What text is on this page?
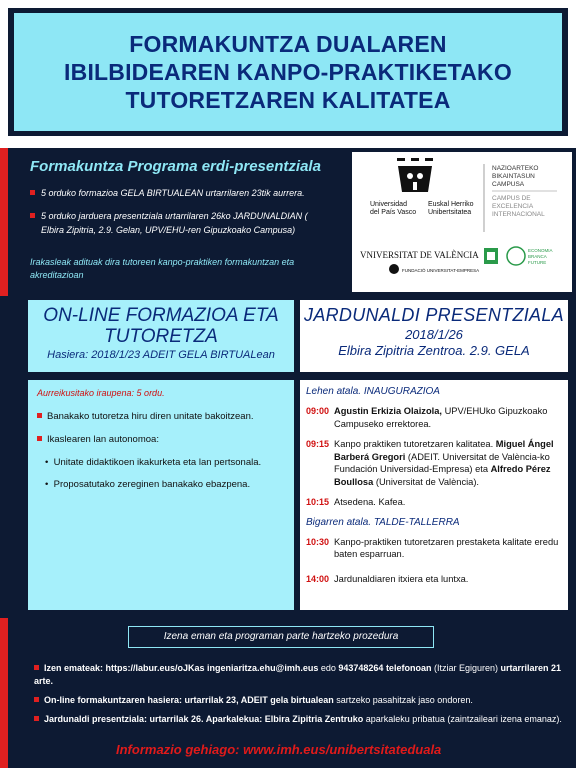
FORMAKUNTZA DUALAREN
IBILBIDEAREN KANPO-PRAKTIKETAKO
TUTORETZAREN KALITATEA
Formakuntza Programa erdi-presentziala
5 orduko formazioa GELA BIRTUALEAN urtarrilaren 23tik aurrera.
5 orduko jarduera presentziala urtarrilaren 26ko JARDUNALDIAN (
Elbira Zipitria, 2.9. Gelan, UPV/EHU-ren Gipuzkoako Campusa)
Irakasleak adituak dira tutoreen kanpo-praktiken formakuntzan eta akreditazioan
Universidad
del País Vasco
Euskal Herriko
Unibertsitatea
NAZIOARTEKO
BIKAINTASUN
CAMPUSA
CAMPUS DE
EXCELENCIA
INTERNACIONAL
VNIVERSITAT DE VALÈNCIA
FUNDACIÓ UNIVERSITAT-EMPRESA
ECONOMIA
BRANCA
FUTURE
ON-LINE FORMAZIOA ETA TUTORETZA
Hasiera: 2018/1/23 ADEIT GELA BIRTUALean
Aurreikusitako iraupena: 5 ordu.
Banakako tutoretza hiru diren unitate bakoitzean.
Ikaslearen lan autonomoa:
•  Unitate didaktikoen ikakurketa eta lan pertsonala.
•  Proposatutako zereginen banakako ebazpena.
JARDUNALDI PRESENTZIALA
2018/1/26
Elbira Zipitria Zentroa. 2.9. GELA
Lehen atala. INAUGURAZIOA
09:00 Agustin Erkizia Olaizola, UPV/EHUko Gipuzkoako Campuseko errektorea.
09:15 Kanpo praktiken tutoretzaren kalitatea. Miguel Ángel Barberá Gregori (ADEIT. Universitat de València-ko Fundación Universidad-Empresa) eta Alfredo Pérez Boullosa (Universitat de València).
10:15 Atsedena. Kafea.
Bigarren atala. TALDE-TALLERRA
10:30 Kanpo-praktiken tutoretzaren prestaketa kalitate eredu baten esparruan.
14:00 Jardunaldiaren itxiera eta luntxa.
Izena eman eta programan parte hartzeko prozedura
Izen emateak: https://labur.eus/oJKas ingeniaritza.ehu@imh.eus edo 943748264 telefonoan (Itziar Egiguren) urtarrilaren 21 arte.
On-line formakuntzaren hasiera: urtarrilak 23, ADEIT gela birtualean sartzeko pasahitzak jaso ondoren.
Jardunaldi presentziala: urtarrilak 26. Aparkalekua: Elbira Zipitria Zentruko aparkaleku pribatua (zaintzaileari izena emanaz).
Informazio gehiago: www.imh.eus/unibertsitateduala
